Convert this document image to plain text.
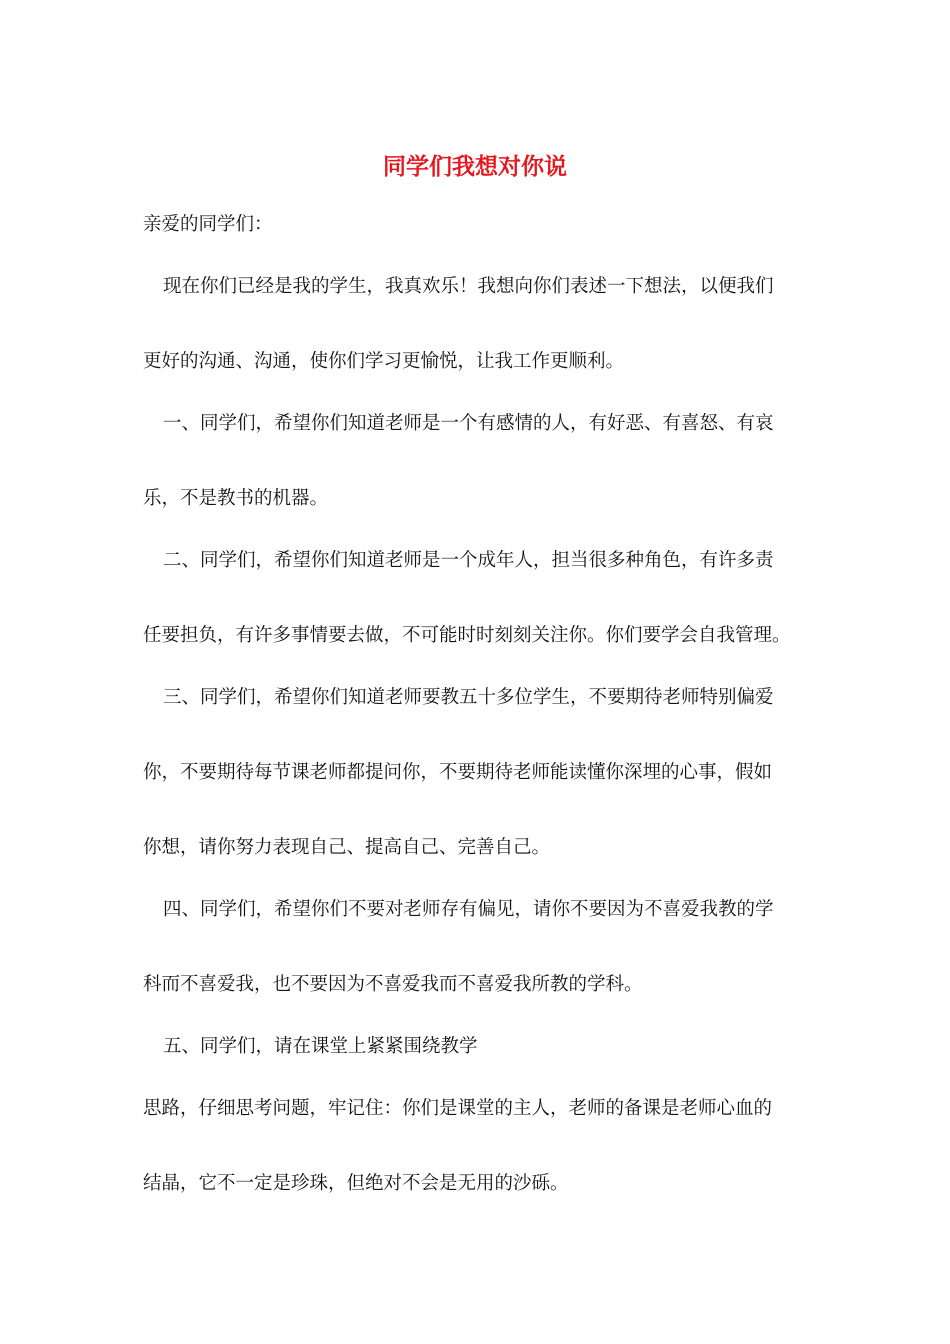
同学们我想对你说
亲爱的同学们：
现在你们已经是我的学生，我真欢乐！我想向你们表述一下想法，以便我们
更好的沟通、沟通，使你们学习更愉悦，让我工作更顺利。
一、同学们，希望你们知道老师是一个有感情的人，有好恶、有喜怒、有哀
乐，不是教书的机器。
二、同学们，希望你们知道老师是一个成年人，担当很多种角色，有许多责
任要担负，有许多事情要去做，不可能时时刻刻关注你。你们要学会自我管理。
三、同学们，希望你们知道老师要教五十多位学生，不要期待老师特别偏爱
你，不要期待每节课老师都提问你，不要期待老师能读懂你深埋的心事，假如
你想，请你努力表现自己、提高自己、完善自己。
四、同学们，希望你们不要对老师存有偏见，请你不要因为不喜爱我教的学
科而不喜爱我，也不要因为不喜爱我而不喜爱我所教的学科。
五、同学们，请在课堂上紧紧围绕教学
思路，仔细思考问题，牢记住：你们是课堂的主人，老师的备课是老师心血的
结晶，它不一定是珍珠，但绝对不会是无用的沙砾。
